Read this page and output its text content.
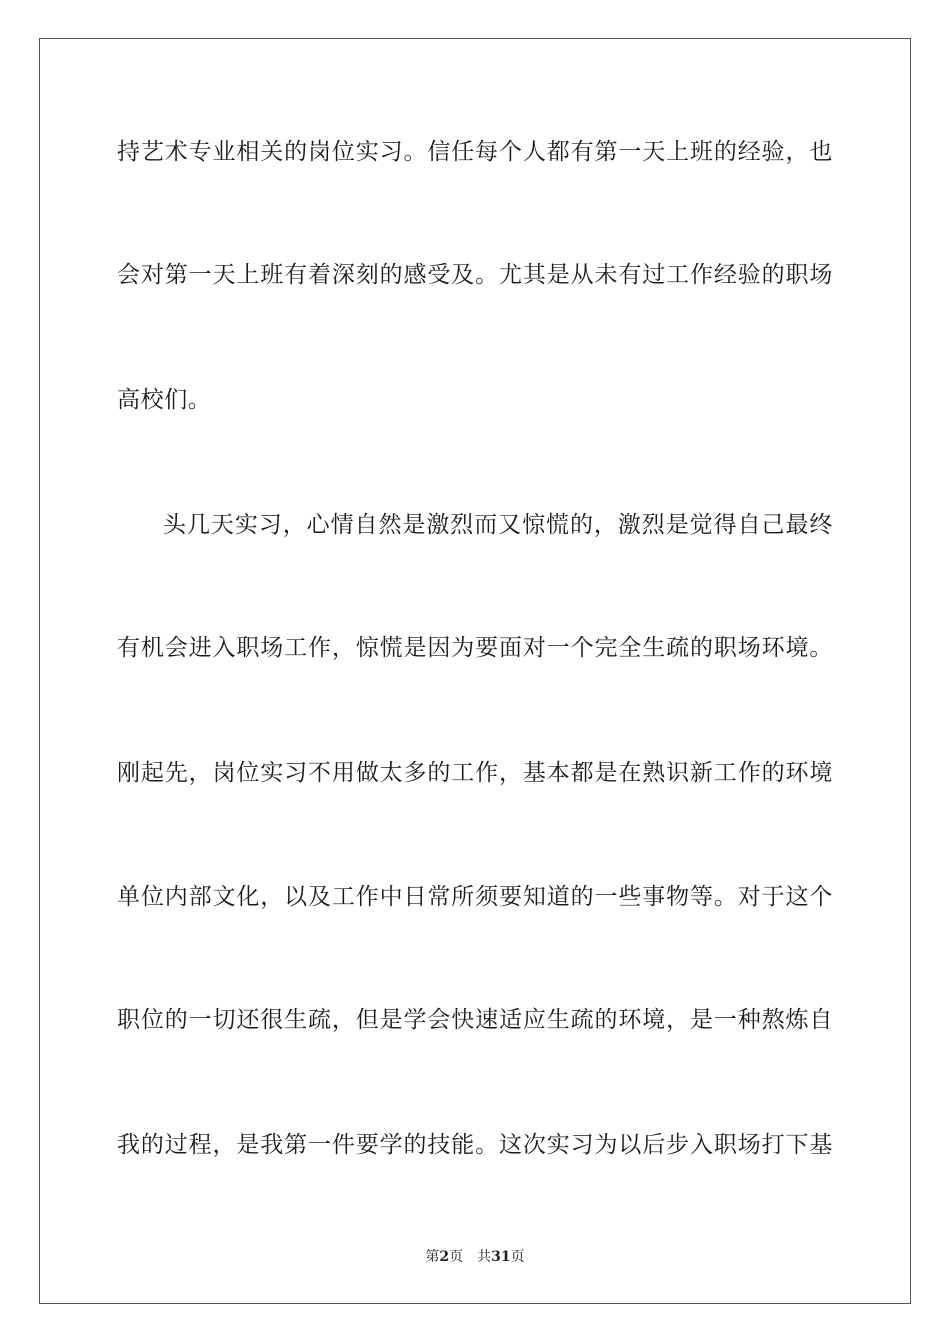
持艺术专业相关的岗位实习。信任每个人都有第一天上班的经验，也
会对第一天上班有着深刻的感受及。尤其是从未有过工作经验的职场
高校们。
头几天实习，心情自然是激烈而又惊慌的，激烈是觉得自己最终
有机会进入职场工作，惊慌是因为要面对一个完全生疏的职场环境。
刚起先，岗位实习不用做太多的工作，基本都是在熟识新工作的环境
单位内部文化，以及工作中日常所须要知道的一些事物等。对于这个
职位的一切还很生疏，但是学会快速适应生疏的环境，是一种熬炼自
我的过程，是我第一件要学的技能。这次实习为以后步入职场打下基
第2页 共31页
